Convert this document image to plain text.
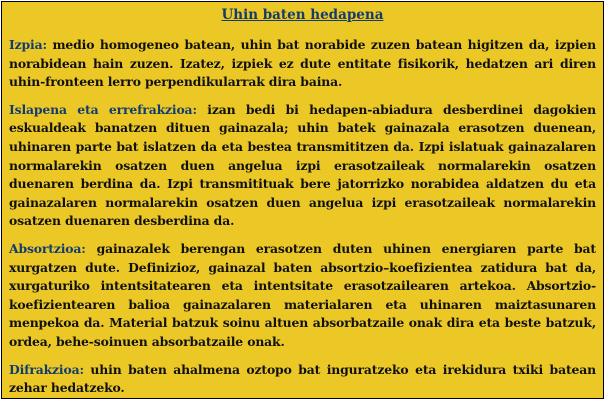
Uhin baten hedapena

Izpia: medio homogeneo batean, uhin bat norabide zuzen batean higitzen da, izpien norabidean hain zuzen. Izatez, izpiek ez dute entitate fisikorik, hedatzen ari diren uhin-fronteen lerro perpendikularrak dira baina.

Islapena eta errefrakzioa: izan bedi bi hedapen-abiadura desberdinei dagokien eskualdeak banatzen dituen gainazala; uhin batek gainazala erasotzen duenean, uhinaren parte bat islatzen da eta bestea transmititzen da. Izpi islatuak gainazalaren normalarekin osatzen duen angelua izpi erasotzaileak normalarekin osatzen duenaren berdina da. Izpi transmitituak bere jatorrizko norabidea aldatzen du eta gainazalaren normalarekin osatzen duen angelua izpi erasotzaileak normalarekin osatzen duenaren desberdina da.

Absortzioa: gainazalek berengan erasotzen duten uhinen energiaren parte bat xurgatzen dute. Definizioz, gainazal baten absortzio–koefizientea zatidura bat da, xurgaturiko intentsitatearen eta intentsitate erasotzailearen artekoa. Absortzio-koefizientearen balioa gainazalaren materialaren eta uhinaren maiztasunaren menpekoa da. Material batzuk soinu altuen absorbatzaile onak dira eta beste batzuk, ordea, behe-soinuen absorbatzaile onak.

Difrakzioa: uhin baten ahalmena oztopo bat inguratzeko eta irekidura txiki batean zehar hedatzeko.
